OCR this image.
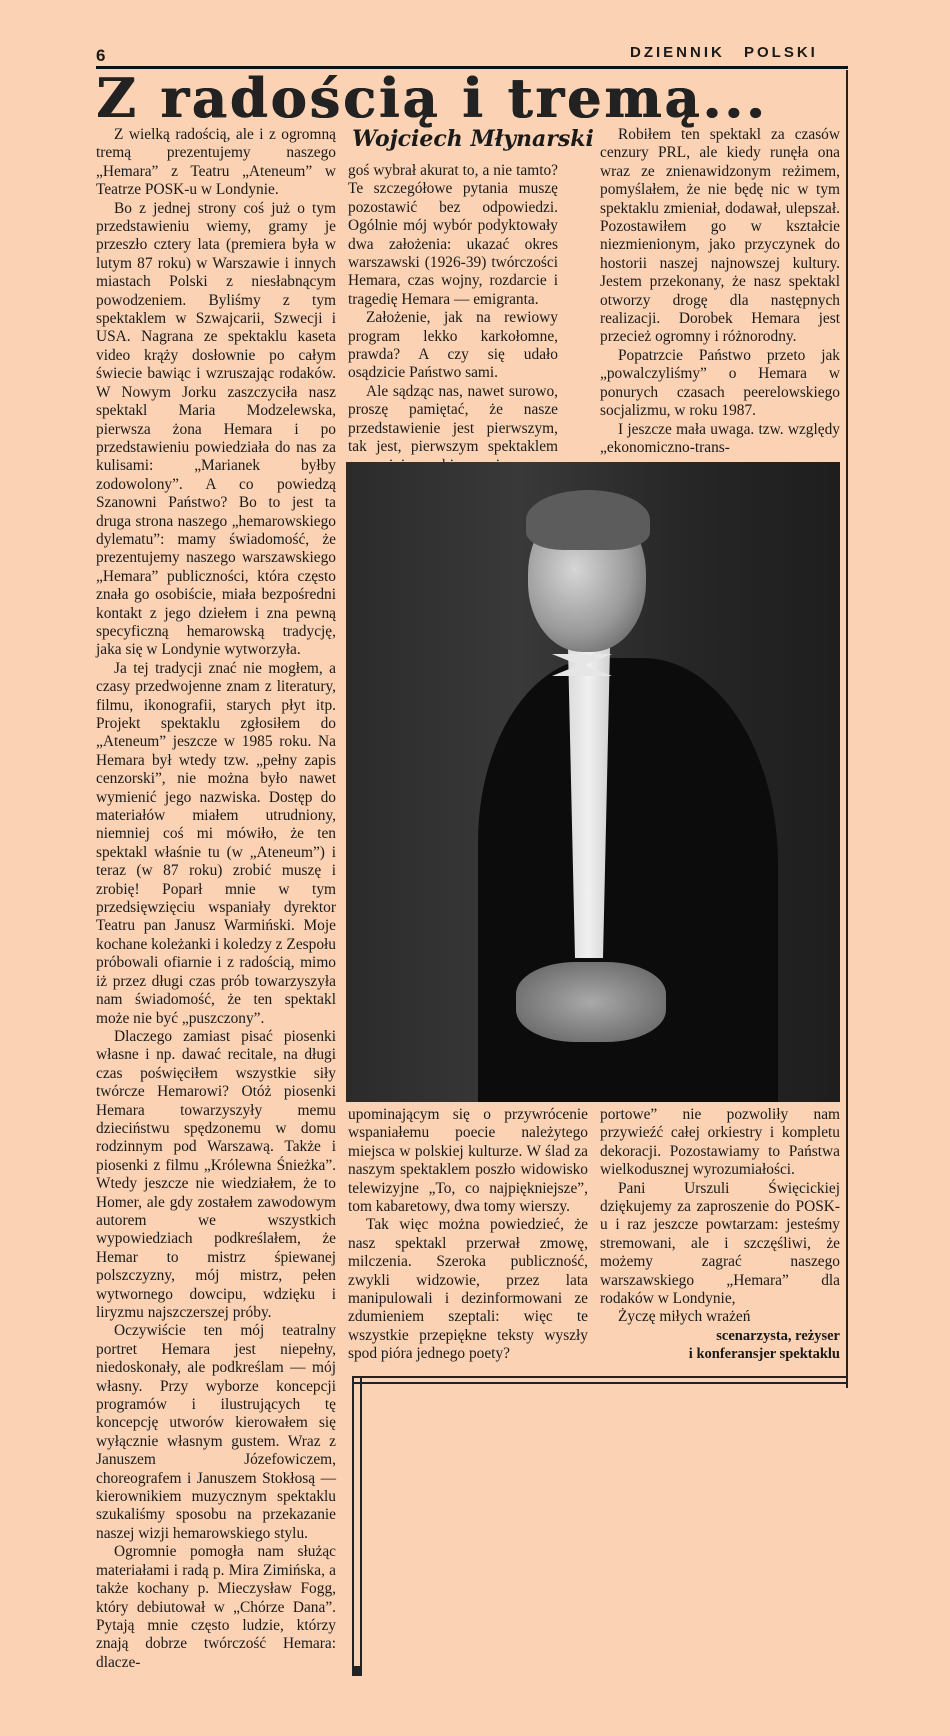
6	DZIENNIK POLSKI
Z radością i tremą...
Wojciech Młynarski

Z wielką radością, ale i z ogromną tremą prezentujemy naszego „Hemara” z Teatru „Ateneum” w Teatrze POSK-u w Londynie.

Bo z jednej strony coś już o tym przedstawieniu wiemy, gramy je przeszło cztery lata (premiera była w lutym 87 roku) w Warszawie i innych miastach Polski z niesłabnącym powodzeniem. Byliśmy z tym spektaklem w Szwajcarii, Szwecji i USA. Nagrana ze spektaklu kaseta video krąży dosłownie po całym świecie bawiąc i wzruszając rodaków. W Nowym Jorku zaszczyciła nasz spektakl Maria Modzelewska, pierwsza żona Hemara i po przedstawieniu powiedziała do nas za kulisami: „Marianek byłby zodowolony”. A co powiedzą Szanowni Państwo? Bo to jest ta druga strona naszego „hemarowskiego dylematu”: mamy świadomość, że prezentujemy naszego warszawskiego „Hemara” publiczności, która często znała go osobiście, miała bezpośredni kontakt z jego dziełem i zna pewną specyficzną hemarowską tradycję, jaka się w Londynie wytworzyła.

Ja tej tradycji znać nie mogłem, a czasy przedwojenne znam z literatury, filmu, ikonografii, starych płyt itp. Projekt spektaklu zgłosiłem do „Ateneum” jeszcze w 1985 roku. Na Hemara był wtedy tzw. „pełny zapis cenzorski”, nie można było nawet wymienić jego nazwiska. Dostęp do materiałów miałem utrudniony, niemniej coś mi mówiło, że ten spektakl właśnie tu (w „Ateneum”) i teraz (w 87 roku) zrobić muszę i zrobię! Poparł mnie w tym przedsięwzięciu wspaniały dyrektor Teatru pan Janusz Warmiński. Moje kochane koleżanki i koledzy z Zespołu próbowali ofiarnie i z radością, mimo iż przez długi czas prób towarzyszyła nam świadomość, że ten spektakl może nie być „puszczony”.

Dlaczego zamiast pisać piosenki własne i np. dawać recitale, na długi czas poświęciłem wszystkie siły twórcze Hemarowi? Otóż piosenki Hemara towarzyszyły memu dzieciństwu spędzonemu w domu rodzinnym pod Warszawą. Także i piosenki z filmu „Królewna Śnieżka”. Wtedy jeszcze nie wiedziałem, że to Homer, ale gdy zostałem zawodowym autorem we wszystkich wypowiedziach podkreślałem, że Hemar to mistrz śpiewanej polszczyzny, mój mistrz, pełen wytwornego dowcipu, wdzięku i liryzmu najszczerszej próby.

Oczywiście ten mój teatralny portret Hemara jest niepełny, niedoskonały, ale podkreślam — mój własny. Przy wyborze koncepcji programów i ilustrujących tę koncepcję utworów kierowałem się wyłącznie własnym gustem. Wraz z Januszem Józefowiczem, choreografem i Januszem Stokłosą — kierownikiem muzycznym spektaklu szukaliśmy sposobu na przekazanie naszej wizji hemarowskiego stylu.

Ogromnie pomogła nam służąc materiałami i radą p. Mira Zimińska, a także kochany p. Mieczysław Fogg, który debiutował w „Chórze Dana”. Pytają mnie często ludzie, którzy znają dobrze twórczość Hemara: dlacze-

goś wybrał akurat to, a nie tamto? Te szczegółowe pytania muszę pozostawić bez odpowiedzi. Ogólnie mój wybór podyktowały dwa założenia: ukazać okres warszawski (1926-39) twórczości Hemara, czas wojny, rozdarcie i tragedię Hemara — emigranta.

Założenie, jak na rewiowy program lekko karkołomne, prawda? A czy się udało osądzicie Państwo sami.

Ale sądząc nas, nawet surowo, proszę pamiętać, że nasze przedstawienie jest pierwszym, tak jest, pierwszym spektaklem

Robiłem ten spektakl za czasów cenzury PRL, ale kiedy runęła ona wraz ze znienawidzonym reżimem, pomyślałem, że nie będę nic w tym spektaklu zmieniał, dodawał, ulepszał. Pozostawiłem go w kształcie niezmienionym, jako przyczynek do hostorii naszej najnowszej kultury. Jestem przekonany, że nasz spektakl otworzy drogę dla następnych realizacji. Dorobek Hemara jest przecież ogromny i różnorodny.

Popatrzcie Państwo przeto jak „powalczyliśmy” o Hemara w ponurych czasach peerelowskiego socjalizmu, w roku 1987.

I jeszcze mała uwaga. tzw. względy „ekonomiczno-trans-

upominającym się o przywrócenie wspaniałemu poecie należytego miejsca w polskiej kulturze. W ślad za naszym spektaklem poszło widowisko telewizyjne „To, co najpiękniejsze”, tom kabaretowy, dwa tomy wierszy.

Tak więc można powiedzieć, że nasz spektakl przerwał zmowę, milczenia. Szeroka publiczność, zwykli widzowie, przez lata manipulowali i dezinformowani ze zdumieniem szeptali: więc te wszystkie przepiękne teksty wyszły spod pióra jednego poety?

portowe” nie pozwoliły nam przywieźć całej orkiestry i kompletu dekoracji. Pozostawiamy to Państwa wielkodusznej wyrozumiałości.

Pani Urszuli Święcickiej dziękujemy za zaproszenie do POSK-u i raz jeszcze powtarzam: jesteśmy stremowani, ale i szczęśliwi, że możemy zagrać naszego warszawskiego „Hemara” dla rodaków w Londynie,

Życzę miłych wrażeń

scenarzysta, reżyser
i konferansjer spektaklu
